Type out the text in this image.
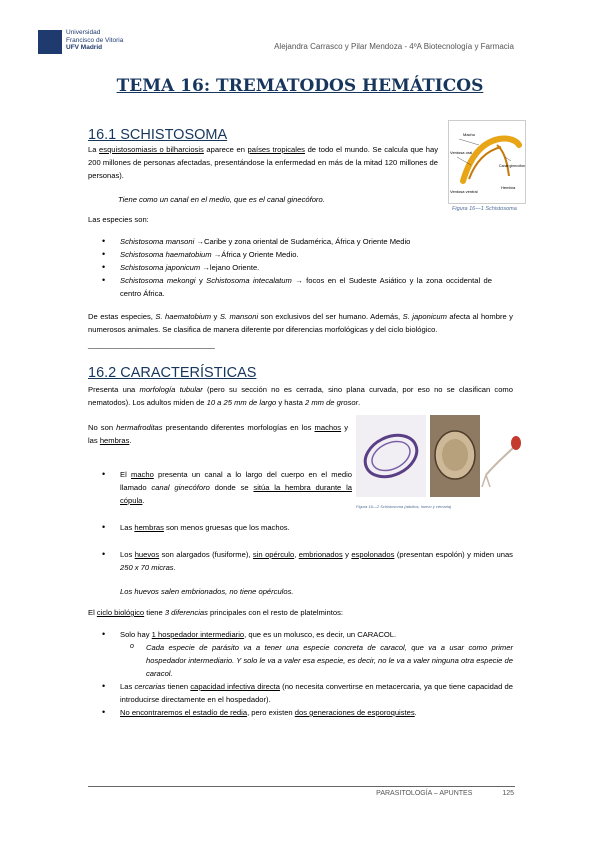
Universidad
Francisco de Vitoria
UFV Madrid	Alejandra Carrasco y Pilar Mendoza - 4ºA Biotecnología y Farmacia
TEMA 16: TREMATODOS HEMÁTICOS
16.1 SCHISTOSOMA
La esquistosomiasis o bilharciosis aparece en países tropicales de todo el mundo. Se calcula que hay 200 millones de personas afectadas, presentándose la enfermedad en más de la mitad 120 millones de personas).
Macho
Ventosa oral
Ventosa ventral
Canal ginecóforo
Hembra
Figura 16—1 Schistosoma
Tiene como un canal en el medio, que es el canal ginecóforo.
Las especies son:
• Schistosoma mansoni →Caribe y zona oriental de Sudamérica, África y Oriente Medio
• Schistosoma haematobium →África y Oriente Medio.
• Schistosoma japonicum →lejano Oriente.
• Schistosoma mekongi y Schistosoma intecalatum → focos en el Sudeste Asiático y la zona occidental de centro África.
De estas especies, S. haematobium y S. mansoni son exclusivos del ser humano. Además, S. japonicum afecta al hombre y numerosos animales. Se clasifica de manera diferente por diferencias morfológicas y del ciclo biológico.
______________________________
16.2 CARACTERÍSTICAS
Presenta una morfología tubular (pero su sección no es cerrada, sino plana curvada, por eso no se clasifican como nematodos). Los adultos miden de 10 a 25 mm de largo y hasta 2 mm de grosor.
No son hermafroditas presentando diferentes morfologías en los machos y las hembras.
Figura 16—2 Schistosoma (adultos, huevo y cercaria)
• El macho presenta un canal a lo largo del cuerpo en el medio llamado canal ginecóforo donde se sitúa la hembra durante la cópula.
• Las hembras son menos gruesas que los machos.
• Los huevos son alargados (fusiforme), sin opérculo, embrionados y espolonados (presentan espolón) y miden unas 250 x 70 micras.
Los huevos salen embrionados, no tiene opérculos.
El ciclo biológico tiene 3 diferencias principales con el resto de platelmintos:
• Solo hay 1 hospedador intermediario, que es un molusco, es decir, un CARACOL.
o Cada especie de parásito va a tener una especie concreta de caracol, que va a usar como primer hospedador intermediario. Y solo le va a valer esa especie, es decir, no le va a valer ninguna otra especie de caracol.
• Las cercarias tienen capacidad infectiva directa (no necesita convertirse en metacercaria, ya que tiene capacidad de introducirse directamente en el hospedador).
• No encontraremos el estadío de redia, pero existen dos generaciones de esporoquistes.
PARASITOLOGÍA – APUNTES	125
